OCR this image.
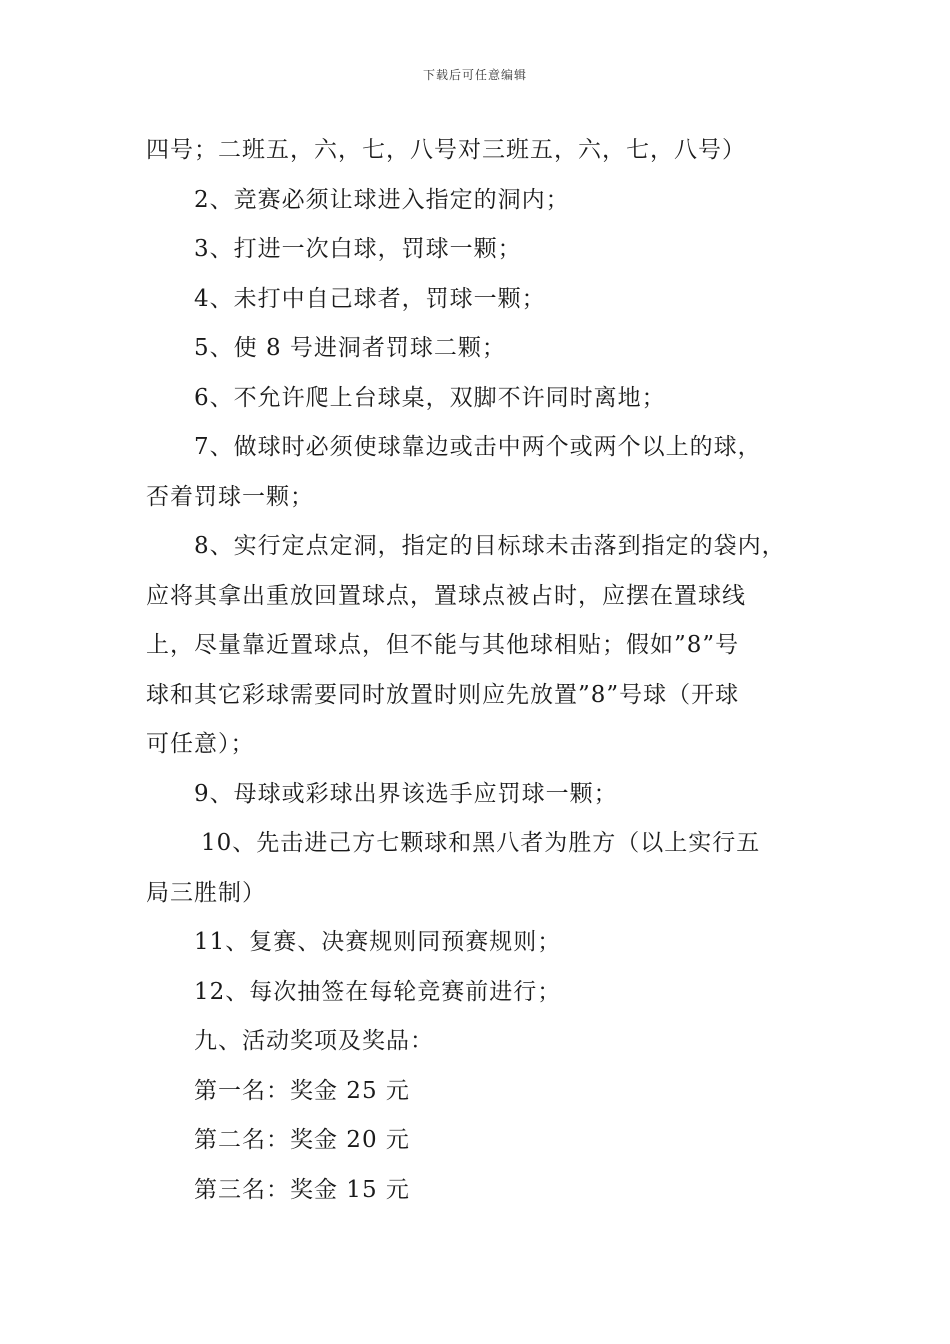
下载后可任意编辑
四号；二班五，六，七，八号对三班五，六，七，八号）
2、竞赛必须让球进入指定的洞内；
3、打进一次白球，罚球一颗；
4、未打中自己球者，罚球一颗；
5、使 8 号进洞者罚球二颗；
6、不允许爬上台球桌，双脚不许同时离地；
7、做球时必须使球靠边或击中两个或两个以上的球，
否着罚球一颗；
8、实行定点定洞，指定的目标球未击落到指定的袋内，
应将其拿出重放回置球点，置球点被占时，应摆在置球线
上，尽量靠近置球点，但不能与其他球相贴；假如”8”号
球和其它彩球需要同时放置时则应先放置”8”号球（开球
可任意）；
9、母球或彩球出界该选手应罚球一颗；
10、先击进己方七颗球和黑八者为胜方（以上实行五
局三胜制）
11、复赛、决赛规则同预赛规则；
12、每次抽签在每轮竞赛前进行；
九、活动奖项及奖品：
第一名：奖金 25 元
第二名：奖金 20 元
第三名：奖金 15 元
